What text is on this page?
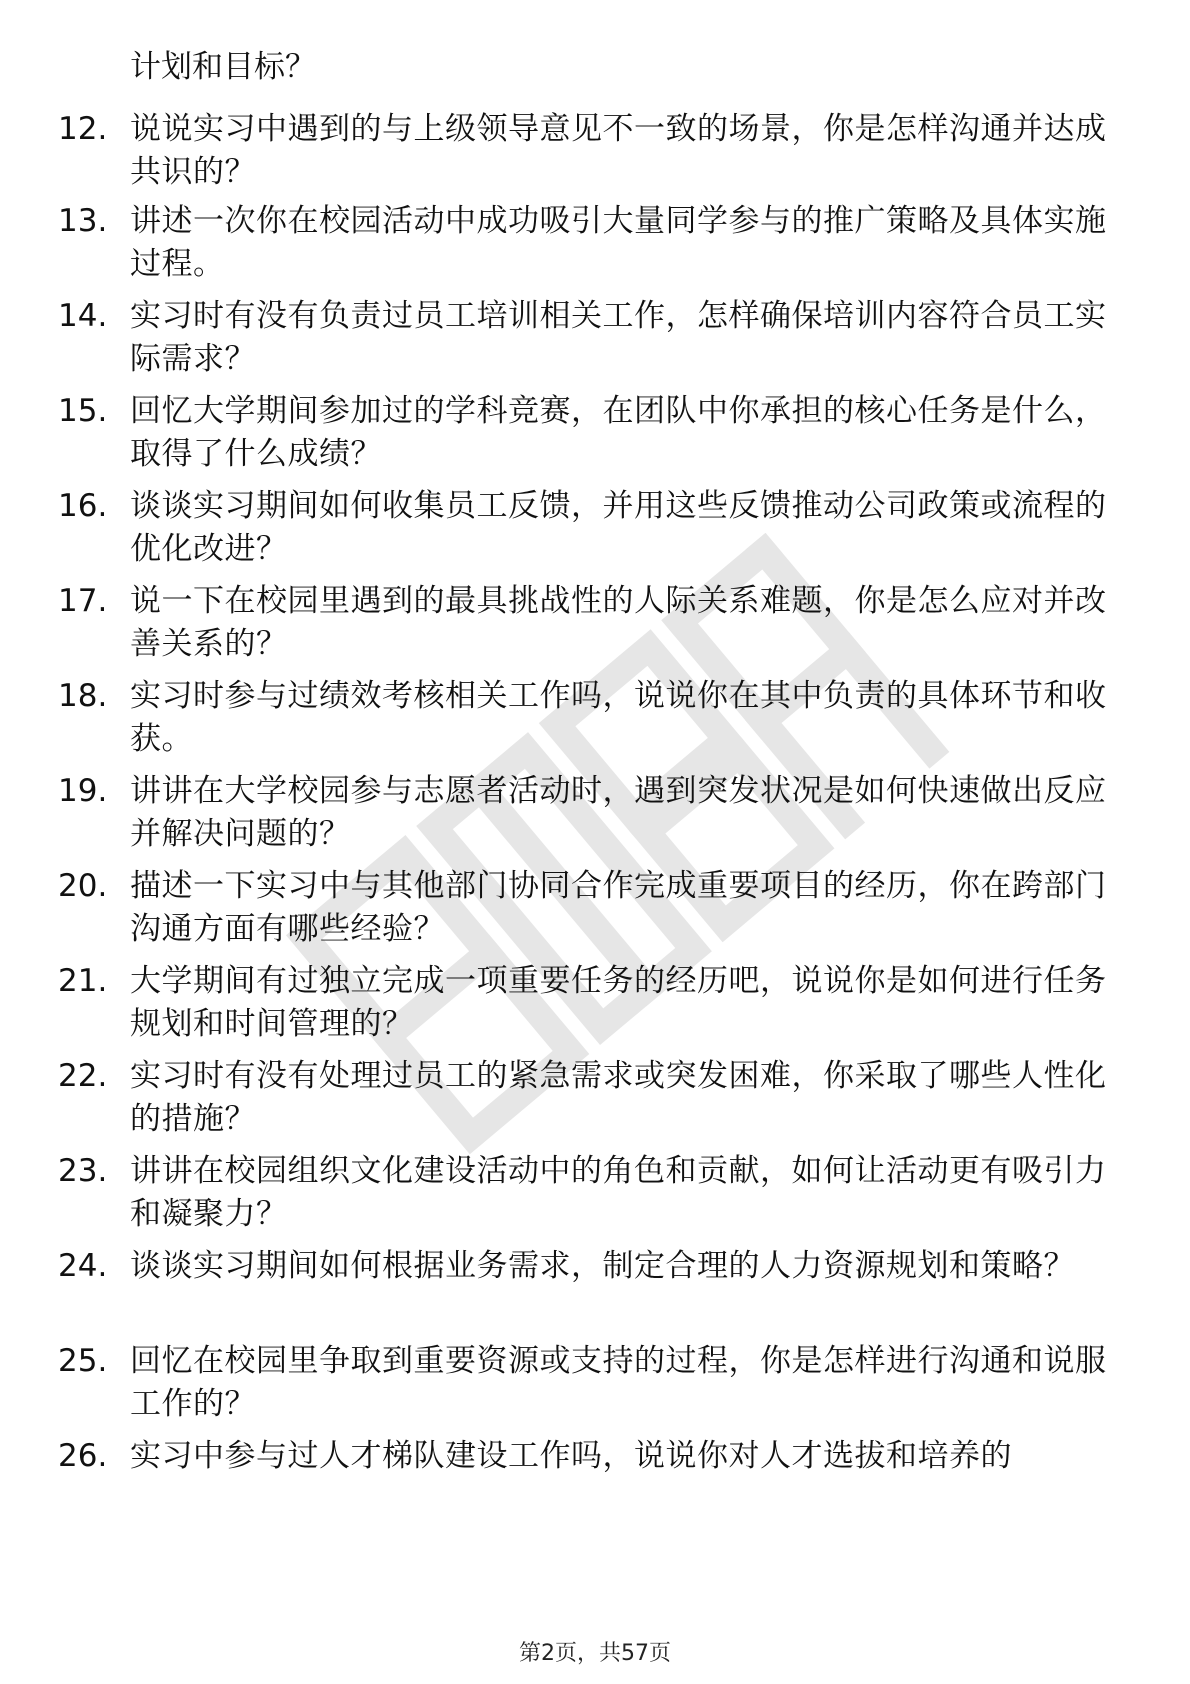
计划和目标？
12. 说说实习中遇到的与上级领导意见不一致的场景，你是怎样沟通并达成共识的？
13. 讲述一次你在校园活动中成功吸引大量同学参与的推广策略及具体实施过程。
14. 实习时有没有负责过员工培训相关工作，怎样确保培训内容符合员工实际需求？
15. 回忆大学期间参加过的学科竞赛，在团队中你承担的核心任务是什么，取得了什么成绩？
16. 谈谈实习期间如何收集员工反馈，并用这些反馈推动公司政策或流程的优化改进？
17. 说一下在校园里遇到的最具挑战性的人际关系难题，你是怎么应对并改善关系的？
18. 实习时参与过绩效考核相关工作吗，说说你在其中负责的具体环节和收获。
19. 讲讲在大学校园参与志愿者活动时，遇到突发状况是如何快速做出反应并解决问题的？
20. 描述一下实习中与其他部门协同合作完成重要项目的经历，你在跨部门沟通方面有哪些经验？
21. 大学期间有过独立完成一项重要任务的经历吧，说说你是如何进行任务规划和时间管理的？
22. 实习时有没有处理过员工的紧急需求或突发困难，你采取了哪些人性化的措施？
23. 讲讲在校园组织文化建设活动中的角色和贡献，如何让活动更有吸引力和凝聚力？
24. 谈谈实习期间如何根据业务需求，制定合理的人力资源规划和策略？
25. 回忆在校园里争取到重要资源或支持的过程，你是怎样进行沟通和说服工作的？
26. 实习中参与过人才梯队建设工作吗，说说你对人才选拔和培养的
第2页，共57页
